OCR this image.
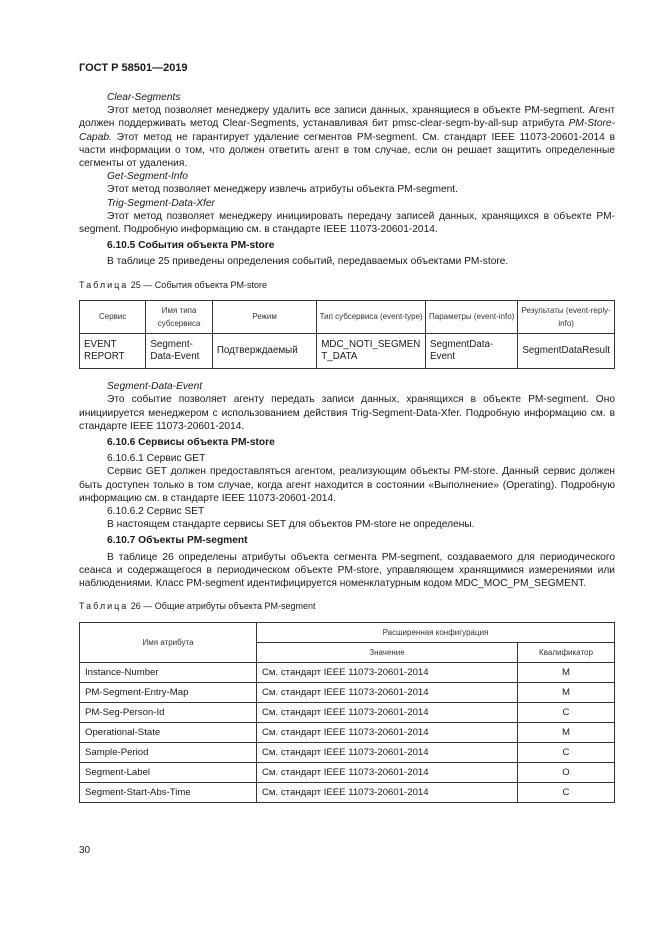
ГОСТ Р 58501—2019

Clear-Segments

Этот метод позволяет менеджеру удалить все записи данных, хранящиеся в объекте PM-segment. Агент должен поддерживать метод Clear-Segments, устанавливая бит pmsc-clear-segm-by-all-sup атрибута PM-Store-Capab. Этот метод не гарантирует удаление сегментов PM-segment. См. стандарт IEEE 11073-20601-2014 в части информации о том, что должен ответить агент в том случае, если он решает защитить определенные сегменты от удаления.

Get-Segment-Info

Этот метод позволяет менеджеру извлечь атрибуты объекта PM-segment.

Trig-Segment-Data-Xfer

Этот метод позволяет менеджеру инициировать передачу записей данных, хранящихся в объекте PM-segment. Подробную информацию см. в стандарте IEEE 11073-20601-2014.

6.10.5 События объекта PM-store

В таблице 25 приведены определения событий, передаваемых объектами PM-store.

Таблица 25 — События объекта PM-store

Сервис	Имя типа субсервиса	Режим	Тип субсервиса (event-type)	Параметры (event-info)	Результаты (event-reply-info)
EVENT REPORT	Segment-Data-Event	Подтверждаемый	MDC_NOTI_SEGMENT_DATA	SegmentData-Event	SegmentDataResult

Segment-Data-Event

Это событие позволяет агенту передать записи данных, хранящихся в объекте PM-segment. Оно инициируется менеджером с использованием действия Trig-Segment-Data-Xfer. Подробную информацию см. в стандарте IEEE 11073-20601-2014.

6.10.6 Сервисы объекта PM-store

6.10.6.1 Сервис GET

Сервис GET должен предоставляться агентом, реализующим объекты PM-store. Данный сервис должен быть доступен только в том случае, когда агент находится в состоянии «Выполнение» (Operating). Подробную информацию см. в стандарте IEEE 11073-20601-2014.

6.10.6.2 Сервис SET

В настоящем стандарте сервисы SET для объектов PM-store не определены.

6.10.7 Объекты PM-segment

В таблице 26 определены атрибуты объекта сегмента PM-segment, создаваемого для периодического сеанса и содержащегося в периодическом объекте PM-store, управляющем хранящимися измерениями или наблюдениями. Класс PM-segment идентифицируется номенклатурным кодом MDC_MOC_PM_SEGMENT.

Таблица 26 — Общие атрибуты объекта PM-segment

Имя атрибута	Расширенная конфигурация	
	Значение	Квалификатор
Instance-Number	См. стандарт IEEE 11073-20601-2014	M
PM-Segment-Entry-Map	См. стандарт IEEE 11073-20601-2014	M
PM-Seg-Person-Id	См. стандарт IEEE 11073-20601-2014	C
Operational-State	См. стандарт IEEE 11073-20601-2014	M
Sample-Period	См. стандарт IEEE 11073-20601-2014	C
Segment-Label	См. стандарт IEEE 11073-20601-2014	O
Segment-Start-Abs-Time	См. стандарт IEEE 11073-20601-2014	C
30
